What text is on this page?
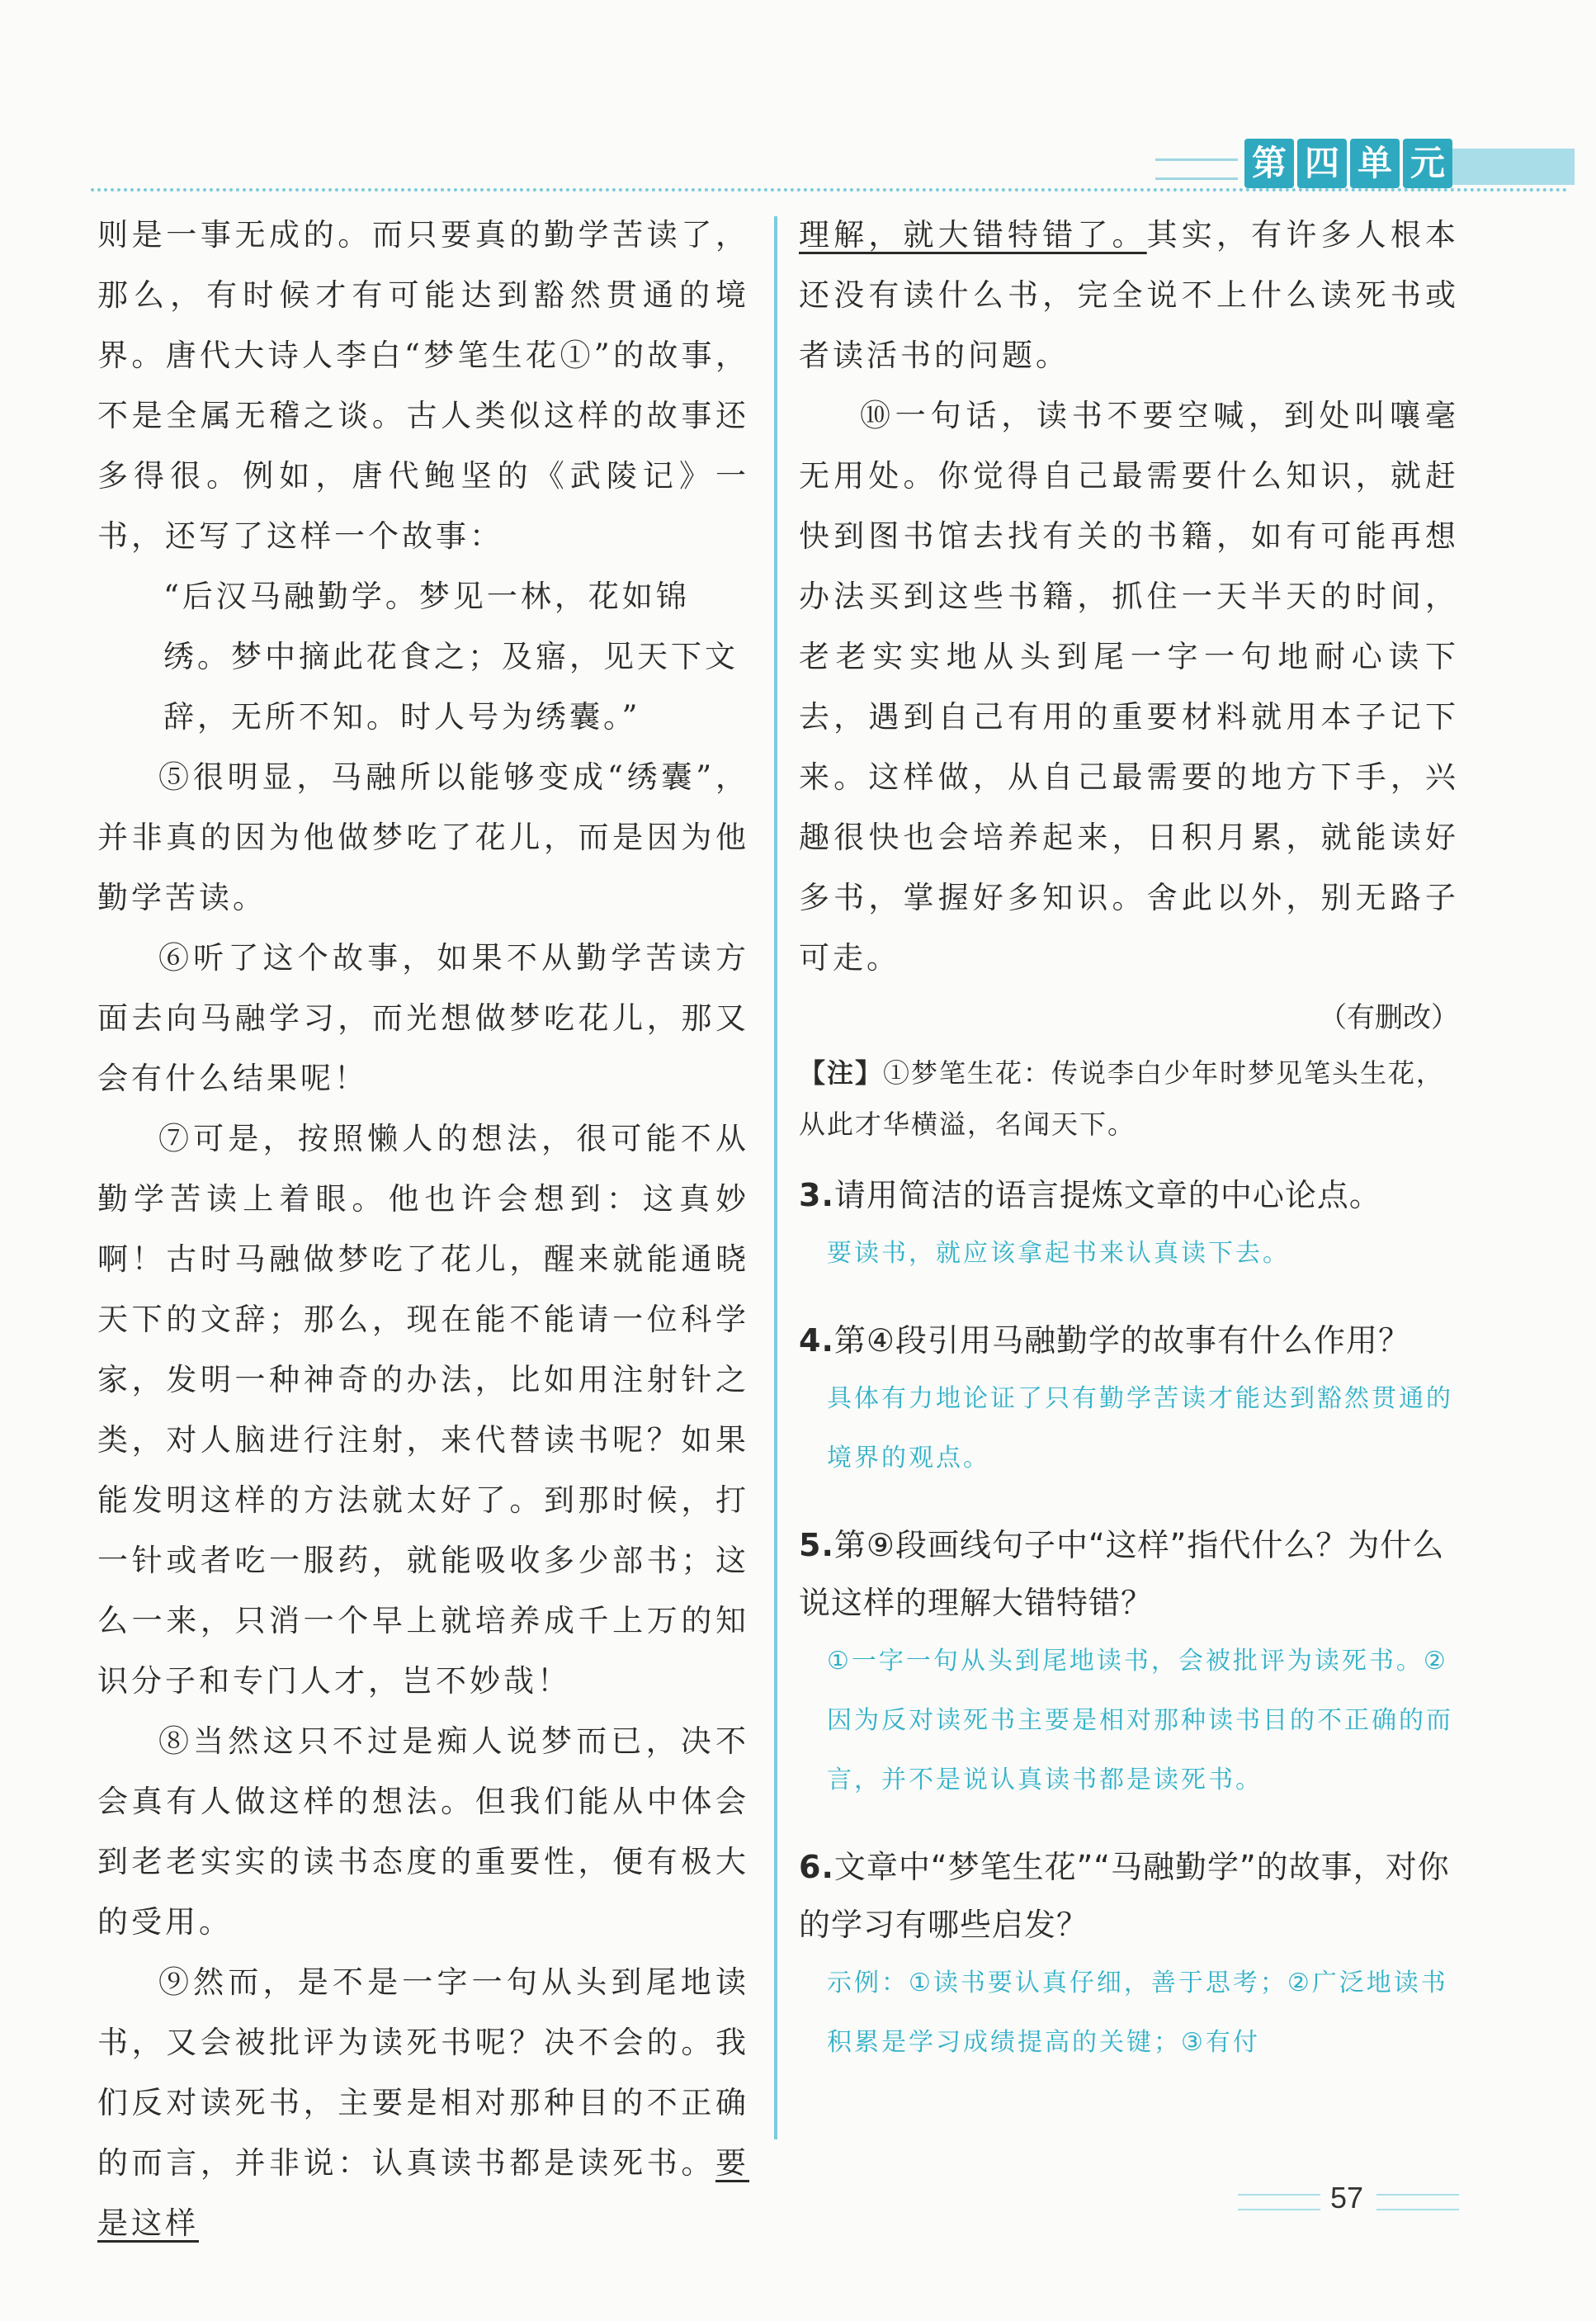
第 四 单 元

则是一事无成的。而只要真的勤学苦读了，那么，有时候才有可能达到豁然贯通的境界。唐代大诗人李白“梦笔生花①”的故事，不是全属无稽之谈。古人类似这样的故事还多得很。例如，唐代鲍坚的《武陵记》一书，还写了这样一个故事：

“后汉马融勤学。梦见一林，花如锦绣。梦中摘此花食之；及寤，见天下文辞，无所不知。时人号为绣囊。”

⑤很明显，马融所以能够变成“绣囊”，并非真的因为他做梦吃了花儿，而是因为他勤学苦读。

⑥听了这个故事，如果不从勤学苦读方面去向马融学习，而光想做梦吃花儿，那又会有什么结果呢！

⑦可是，按照懒人的想法，很可能不从勤学苦读上着眼。他也许会想到：这真妙啊！古时马融做梦吃了花儿，醒来就能通晓天下的文辞；那么，现在能不能请一位科学家，发明一种神奇的办法，比如用注射针之类，对人脑进行注射，来代替读书呢？如果能发明这样的方法就太好了。到那时候，打一针或者吃一服药，就能吸收多少部书；这么一来，只消一个早上就培养成千上万的知识分子和专门人才，岂不妙哉！

⑧当然这只不过是痴人说梦而已，决不会真有人做这样的想法。但我们能从中体会到老老实实的读书态度的重要性，便有极大的受用。

⑨然而，是不是一字一句从头到尾地读书，又会被批评为读死书呢？决不会的。我们反对读死书，主要是相对那种目的不正确的而言，并非说：认真读书都是读死书。要是这样

理解，就大错特错了。其实，有许多人根本还没有读什么书，完全说不上什么读死书或者读活书的问题。

⑩一句话，读书不要空喊，到处叫嚷毫无用处。你觉得自己最需要什么知识，就赶快到图书馆去找有关的书籍，如有可能再想办法买到这些书籍，抓住一天半天的时间，老老实实地从头到尾一字一句地耐心读下去，遇到自己有用的重要材料就用本子记下来。这样做，从自己最需要的地方下手，兴趣很快也会培养起来，日积月累，就能读好多书，掌握好多知识。舍此以外，别无路子可走。

（有删改）

【注】①梦笔生花：传说李白少年时梦见笔头生花，从此才华横溢，名闻天下。

3.请用简洁的语言提炼文章的中心论点。

要读书，就应该拿起书来认真读下去。

4.第④段引用马融勤学的故事有什么作用？

具体有力地论证了只有勤学苦读才能达到豁然贯通的境界的观点。

5.第⑨段画线句子中“这样”指代什么？为什么说这样的理解大错特错？

①一字一句从头到尾地读书，会被批评为读死书。②因为反对读死书主要是相对那种读书目的不正确的而言，并不是说认真读书都是读死书。

6.文章中“梦笔生花”“马融勤学”的故事，对你的学习有哪些启发？

示例：①读书要认真仔细，善于思考；②广泛地读书积累是学习成绩提高的关键；③有付

57
